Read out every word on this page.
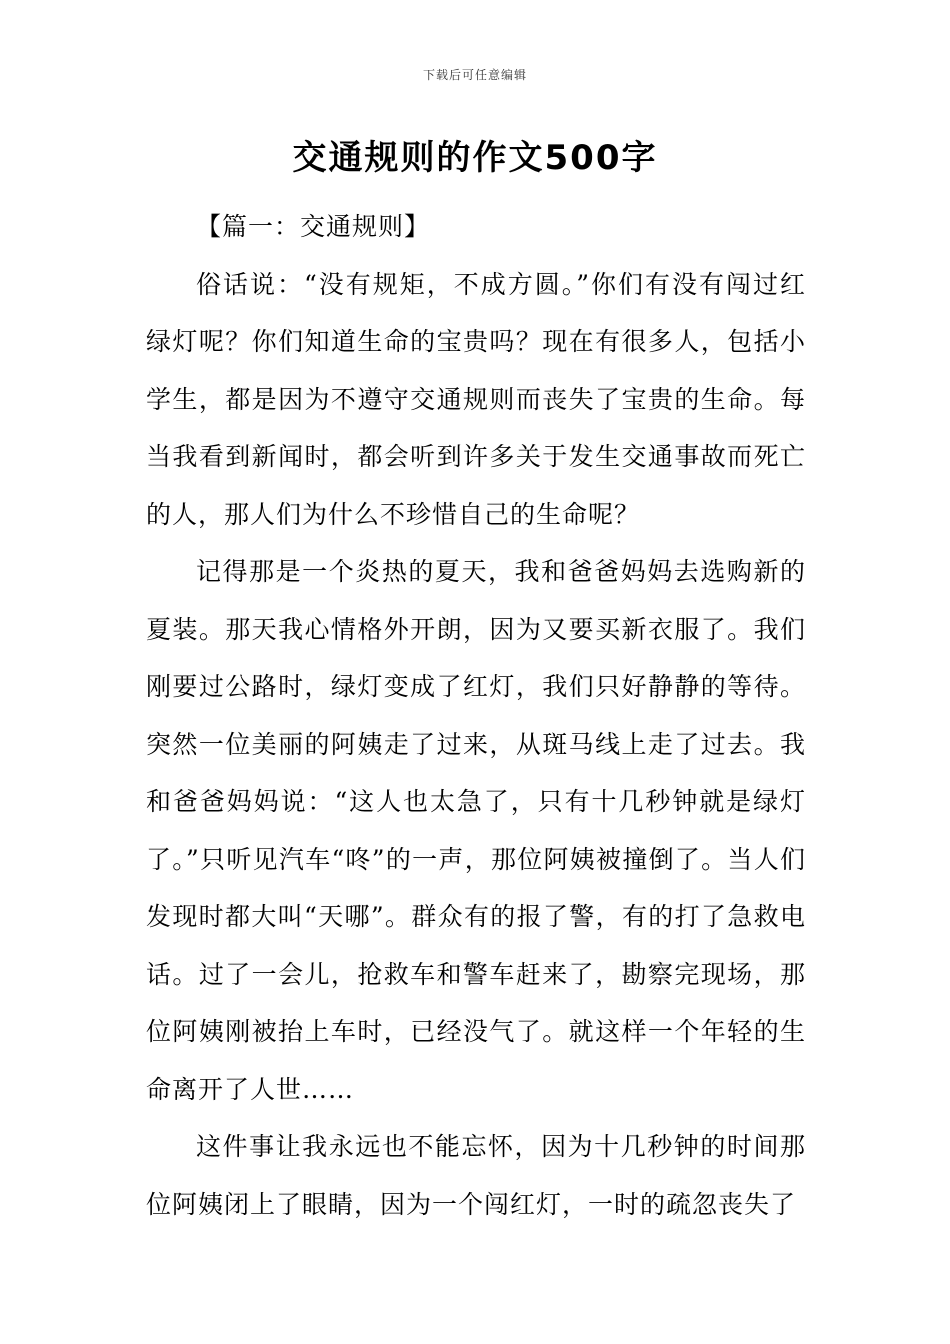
下载后可任意编辑
交通规则的作文500字
【篇一：交通规则】

俗话说：“没有规矩，不成方圆。”你们有没有闯过红绿灯呢？你们知道生命的宝贵吗？现在有很多人，包括小学生，都是因为不遵守交通规则而丧失了宝贵的生命。每当我看到新闻时，都会听到许多关于发生交通事故而死亡的人，那人们为什么不珍惜自己的生命呢？

记得那是一个炎热的夏天，我和爸爸妈妈去选购新的夏装。那天我心情格外开朗，因为又要买新衣服了。我们刚要过公路时，绿灯变成了红灯，我们只好静静的等待。突然一位美丽的阿姨走了过来，从斑马线上走了过去。我和爸爸妈妈说：“这人也太急了，只有十几秒钟就是绿灯了。”只听见汽车“咚”的一声，那位阿姨被撞倒了。当人们发现时都大叫“天哪”。群众有的报了警，有的打了急救电话。过了一会儿，抢救车和警车赶来了，勘察完现场，那位阿姨刚被抬上车时，已经没气了。就这样一个年轻的生命离开了人世……

这件事让我永远也不能忘怀，因为十几秒钟的时间那位阿姨闭上了眼睛，因为一个闯红灯，一时的疏忽丧失了
